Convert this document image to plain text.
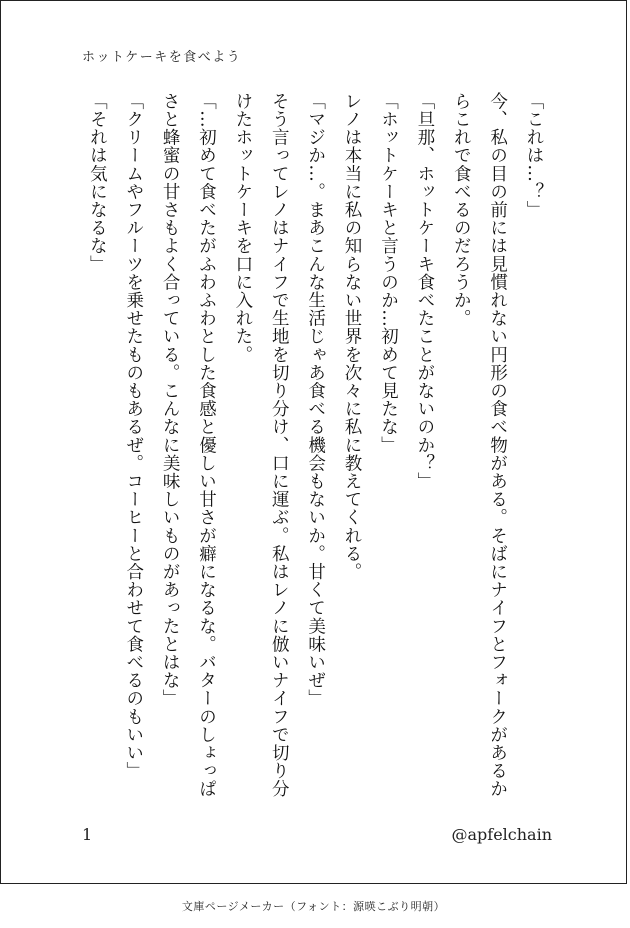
ホットケーキを食べよう

「これは…？」

今、私の目の前には見慣れない円形の食べ物がある。そばにナイフとフォークがあるからこれで食べるのだろうか。

「旦那、ホットケーキ食べたことがないのか？」

「ホットケーキと言うのか…初めて見たな」

レノは本当に私の知らない世界を次々に私に教えてくれる。

「マジか…。まあこんな生活じゃあ食べる機会もないか。甘くて美味いぜ」

そう言ってレノはナイフで生地を切り分け、口に運ぶ。私はレノに倣いナイフで切り分けたホットケーキを口に入れた。

「…初めて食べたがふわふわとした食感と優しい甘さが癖になるな。バターのしょっぱさと蜂蜜の甘さもよく合っている。こんなに美味しいものがあったとはな」

「クリームやフルーツを乗せたものもあるぜ。コーヒーと合わせて食べるのもいい」

「それは気になるな」

1	@apfelchain
文庫ページメーカー（フォント：源暎こぶり明朝）
